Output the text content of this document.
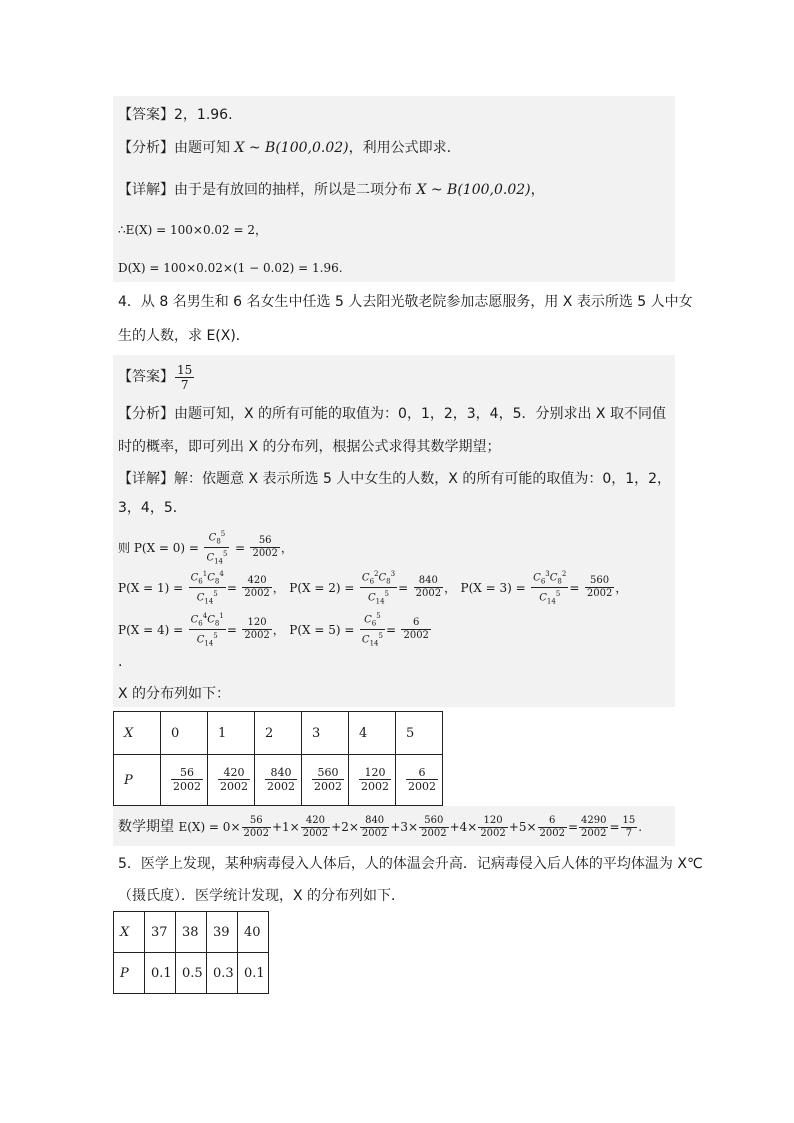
【答案】2，1.96.
【分析】由题可知 X ~ B(100,0.02)，利用公式即求.
【详解】由于是有放回的抽样，所以是二项分布 X ~ B(100,0.02)，
∴E(X) = 100×0.02 = 2，
D(X) = 100×0.02×(1 − 0.02) = 1.96.
4．从 8 名男生和 6 名女生中任选 5 人去阳光敬老院参加志愿服务，用 X 表示所选 5 人中女
生的人数，求 E(X)．
【答案】 $\frac{15}{7}$
【分析】由题可知，X 的所有可能的取值为：0，1，2，3，4，5．分别求出 X 取不同值
时的概率，即可列出 X 的分布列，根据公式求得其数学期望；
【详解】解：依题意 X 表示所选 5 人中女生的人数，X 的所有可能的取值为：0，1，2，
3，4，5．
则 $P(X = 0) = \frac{C_8^5}{C_{14}^5} = \frac{56}{2002}$ ，
$P(X = 1) = \frac{C_6^1C_8^4}{C_{14}^5} = \frac{420}{2002}$ ， $P(X = 2) = \frac{C_6^2C_8^3}{C_{14}^5} = \frac{840}{2002}$ ， $P(X = 3) = \frac{C_6^3C_8^2}{C_{14}^5} = \frac{560}{2002}$ ，
$P(X = 4) = \frac{C_6^4C_8^1}{C_{14}^5} = \frac{120}{2002}$ ， $P(X = 5) = \frac{C_6^5}{C_{14}^5} = \frac{6}{2002}$
.
X 的分布列如下：
X	0	1	2	3	4	5
P	$\frac{56}{2002}$	$\frac{420}{2002}$	$\frac{840}{2002}$	$\frac{560}{2002}$	$\frac{120}{2002}$	$\frac{6}{2002}$
数学期望 $E(X) = 0\times \frac{56}{2002} +1\times \frac{420}{2002} +2\times \frac{840}{2002} +3\times \frac{560}{2002} +4\times \frac{120}{2002} +5\times \frac{6}{2002} = \frac{4290}{2002} = \frac{15}{7}$ .
5．医学上发现，某种病毒侵入人体后，人的体温会升高．记病毒侵入后人体的平均体温为 X℃
（摄氏度）．医学统计发现，X 的分布列如下．
X	37	38	39	40
P	0.1	0.5	0.3	0.1
